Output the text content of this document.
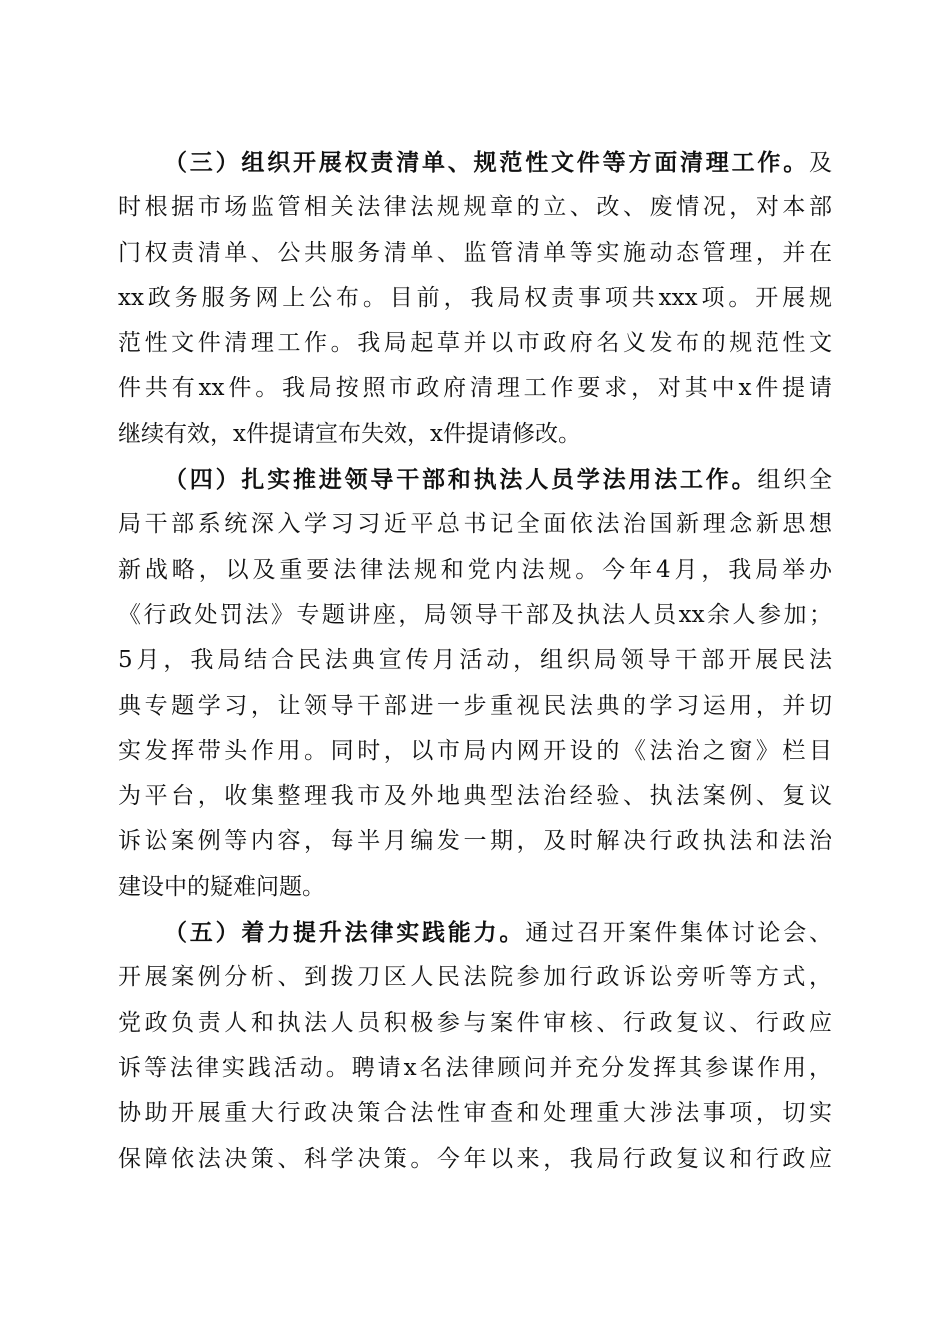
（三）组织开展权责清单、规范性文件等方面清理工作。及
时根据市场监管相关法律法规规章的立、改、废情况，对本部
门权责清单、公共服务清单、监管清单等实施动态管理，并在
xx政务服务网上公布。目前，我局权责事项共xxx项。开展规
范性文件清理工作。我局起草并以市政府名义发布的规范性文
件共有xx件。我局按照市政府清理工作要求，对其中x件提请
继续有效，x件提请宣布失效，x件提请修改。
（四）扎实推进领导干部和执法人员学法用法工作。组织全
局干部系统深入学习习近平总书记全面依法治国新理念新思想
新战略，以及重要法律法规和党内法规。今年4月，我局举办
《行政处罚法》专题讲座，局领导干部及执法人员xx余人参加；
5月，我局结合民法典宣传月活动，组织局领导干部开展民法
典专题学习，让领导干部进一步重视民法典的学习运用，并切
实发挥带头作用。同时，以市局内网开设的《法治之窗》栏目
为平台，收集整理我市及外地典型法治经验、执法案例、复议
诉讼案例等内容，每半月编发一期，及时解决行政执法和法治
建设中的疑难问题。
（五）着力提升法律实践能力。通过召开案件集体讨论会、
开展案例分析、到拨刀区人民法院参加行政诉讼旁听等方式，
党政负责人和执法人员积极参与案件审核、行政复议、行政应
诉等法律实践活动。聘请x名法律顾问并充分发挥其参谋作用，
协助开展重大行政决策合法性审查和处理重大涉法事项，切实
保障依法决策、科学决策。今年以来，我局行政复议和行政应
